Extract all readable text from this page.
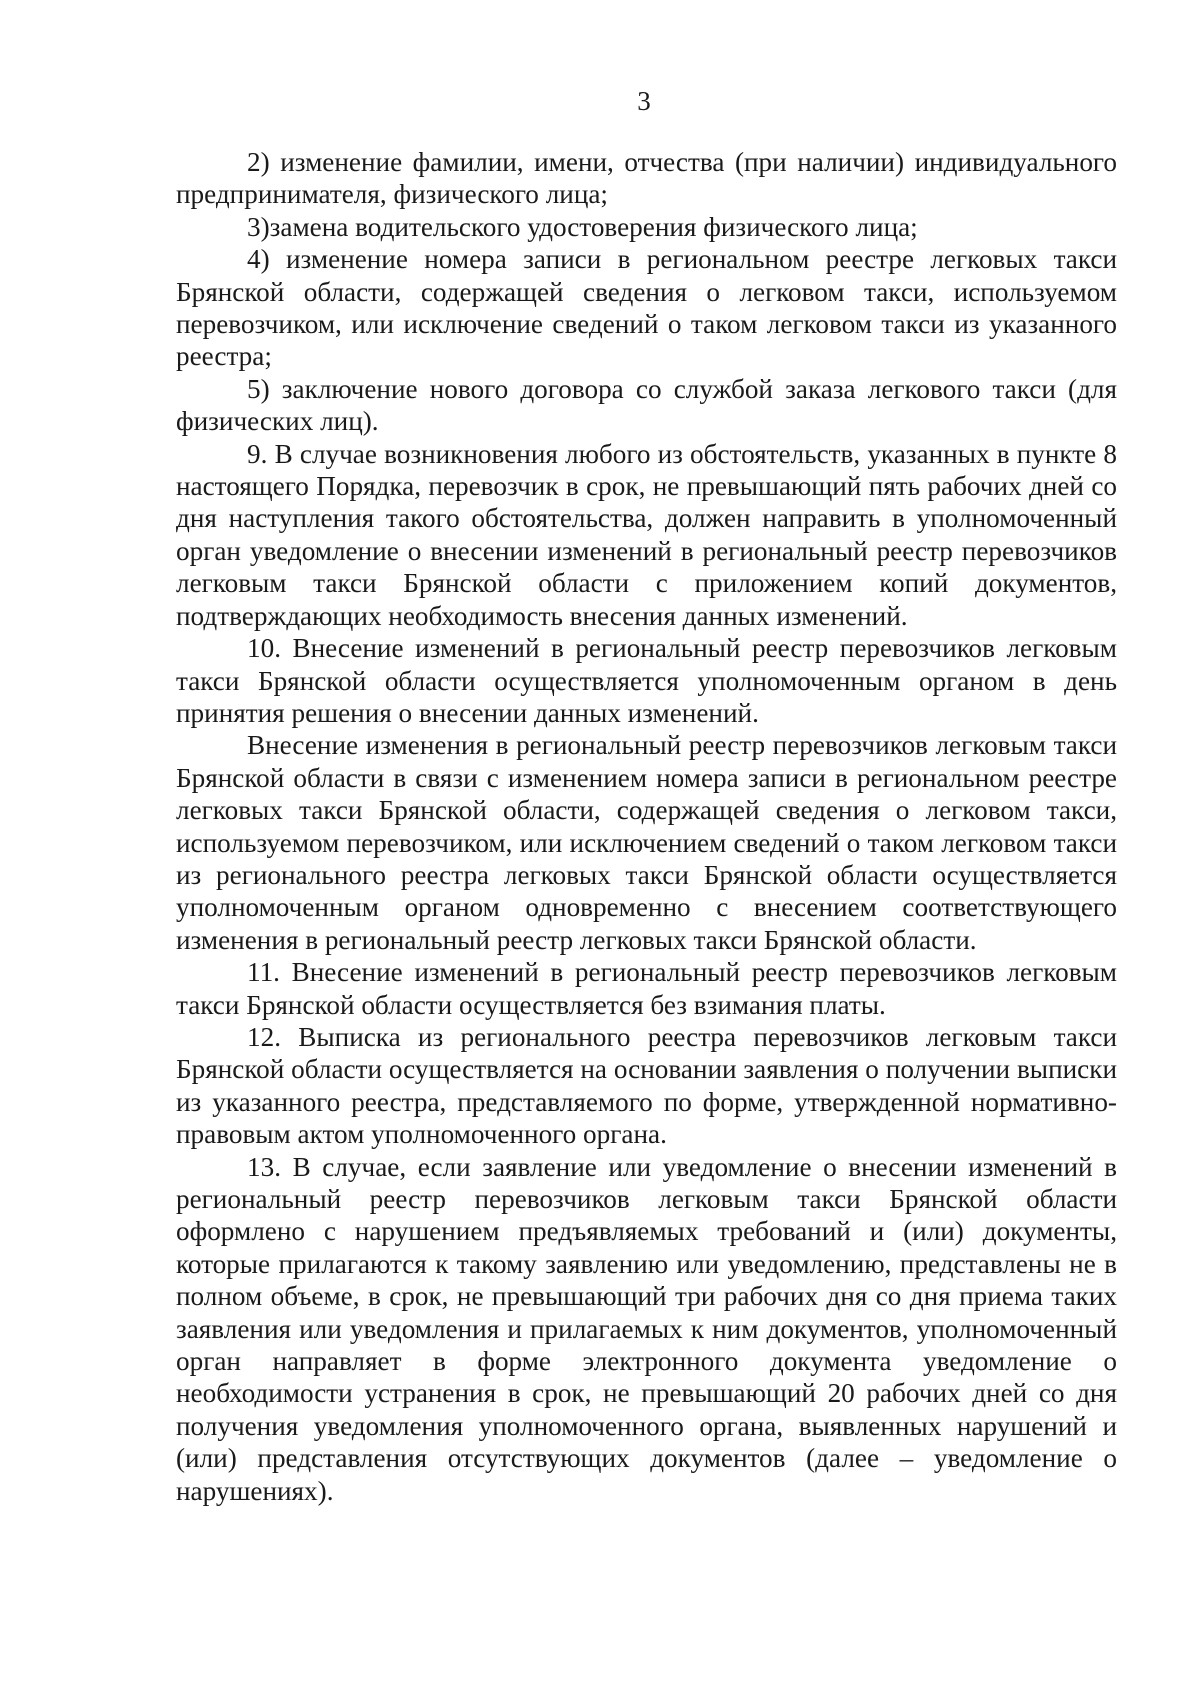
3

2) изменение фамилии, имени, отчества (при наличии) индивидуального предпринимателя, физического лица;

3)замена водительского удостоверения физического лица;

4) изменение номера записи в региональном реестре легковых такси Брянской области, содержащей сведения о легковом такси, используемом перевозчиком, или исключение сведений о таком легковом такси из указанного реестра;

5) заключение нового договора со службой заказа легкового такси (для физических лиц).

9. В случае возникновения любого из обстоятельств, указанных в пункте 8 настоящего Порядка, перевозчик в срок, не превышающий пять рабочих дней со дня наступления такого обстоятельства, должен направить в уполномоченный орган уведомление о внесении изменений в региональный реестр перевозчиков легковым такси Брянской области с приложением копий документов, подтверждающих необходимость внесения данных изменений.

10. Внесение изменений в региональный реестр перевозчиков легковым такси Брянской области осуществляется уполномоченным органом в день принятия решения о внесении данных изменений.

Внесение изменения в региональный реестр перевозчиков легковым такси Брянской области в связи с изменением номера записи в региональном реестре легковых такси Брянской области, содержащей сведения о легковом такси, используемом перевозчиком, или исключением сведений о таком легковом такси из регионального реестра легковых такси Брянской области осуществляется уполномоченным органом одновременно с внесением соответствующего изменения в региональный реестр легковых такси Брянской области.

11. Внесение изменений в региональный реестр перевозчиков легковым такси Брянской области осуществляется без взимания платы.

12. Выписка из регионального реестра перевозчиков легковым такси Брянской области осуществляется на основании заявления о получении выписки из указанного реестра, представляемого по форме, утвержденной нормативно-правовым актом уполномоченного органа.

13. В случае, если заявление или уведомление о внесении изменений в региональный реестр перевозчиков легковым такси Брянской области оформлено с нарушением предъявляемых требований и (или) документы, которые прилагаются к такому заявлению или уведомлению, представлены не в полном объеме, в срок, не превышающий три рабочих дня со дня приема таких заявления или уведомления и прилагаемых к ним документов, уполномоченный орган направляет в форме электронного документа уведомление о необходимости устранения в срок, не превышающий 20 рабочих дней со дня получения уведомления уполномоченного органа, выявленных нарушений и (или) представления отсутствующих документов (далее – уведомление о нарушениях).
